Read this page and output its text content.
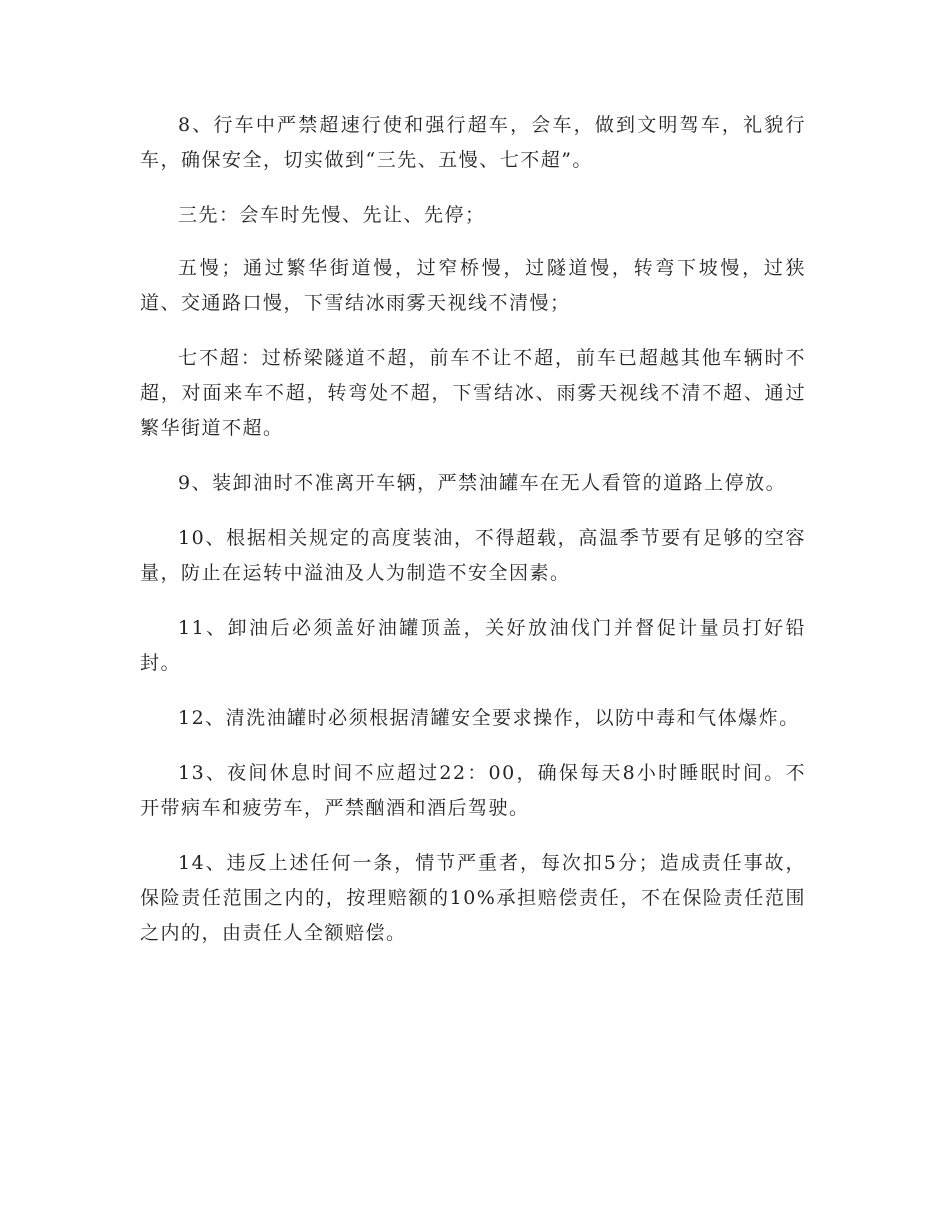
8、行车中严禁超速行使和强行超车，会车，做到文明驾车，礼貌行车，确保安全，切实做到“三先、五慢、七不超”。

三先：会车时先慢、先让、先停；

五慢；通过繁华街道慢，过窄桥慢，过隧道慢，转弯下坡慢，过狭道、交通路口慢，下雪结冰雨雾天视线不清慢；

七不超：过桥梁隧道不超，前车不让不超，前车已超越其他车辆时不超，对面来车不超，转弯处不超，下雪结冰、雨雾天视线不清不超、通过繁华街道不超。

9、装卸油时不准离开车辆，严禁油罐车在无人看管的道路上停放。

10、根据相关规定的高度装油，不得超载，高温季节要有足够的空容量，防止在运转中溢油及人为制造不安全因素。

11、卸油后必须盖好油罐顶盖，关好放油伐门并督促计量员打好铅封。

12、清洗油罐时必须根据清罐安全要求操作，以防中毒和气体爆炸。

13、夜间休息时间不应超过22：00，确保每天8小时睡眠时间。不开带病车和疲劳车，严禁酗酒和酒后驾驶。

14、违反上述任何一条，情节严重者，每次扣5分；造成责任事故，保险责任范围之内的，按理赔额的10%承担赔偿责任，不在保险责任范围之内的，由责任人全额赔偿。
